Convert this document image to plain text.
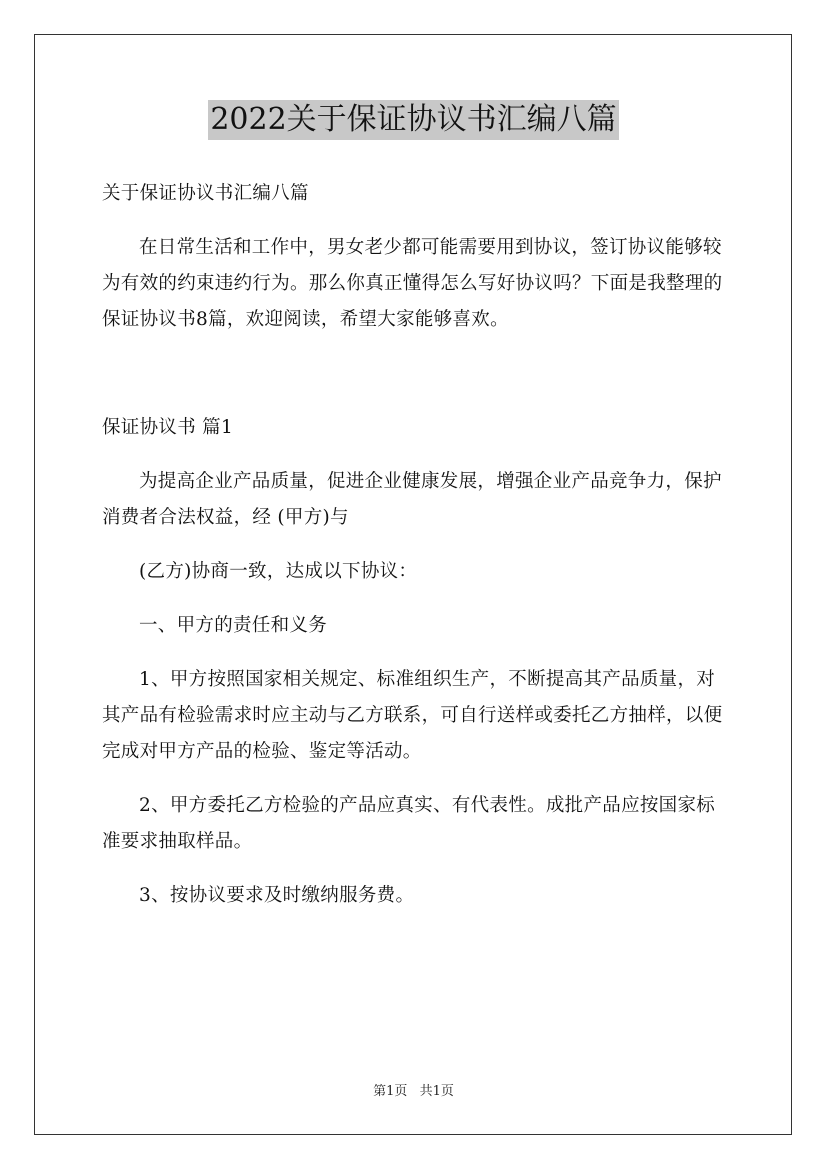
2022关于保证协议书汇编八篇

关于保证协议书汇编八篇

在日常生活和工作中，男女老少都可能需要用到协议，签订协议能够较为有效的约束违约行为。那么你真正懂得怎么写好协议吗？下面是我整理的保证协议书8篇，欢迎阅读，希望大家能够喜欢。

保证协议书 篇1

为提高企业产品质量，促进企业健康发展，增强企业产品竞争力，保护消费者合法权益，经 (甲方)与

(乙方)协商一致，达成以下协议：

一、甲方的责任和义务

1、甲方按照国家相关规定、标准组织生产，不断提高其产品质量，对其产品有检验需求时应主动与乙方联系，可自行送样或委托乙方抽样，以便完成对甲方产品的检验、鉴定等活动。

2、甲方委托乙方检验的产品应真实、有代表性。成批产品应按国家标准要求抽取样品。

3、按协议要求及时缴纳服务费。

第1页 共1页
